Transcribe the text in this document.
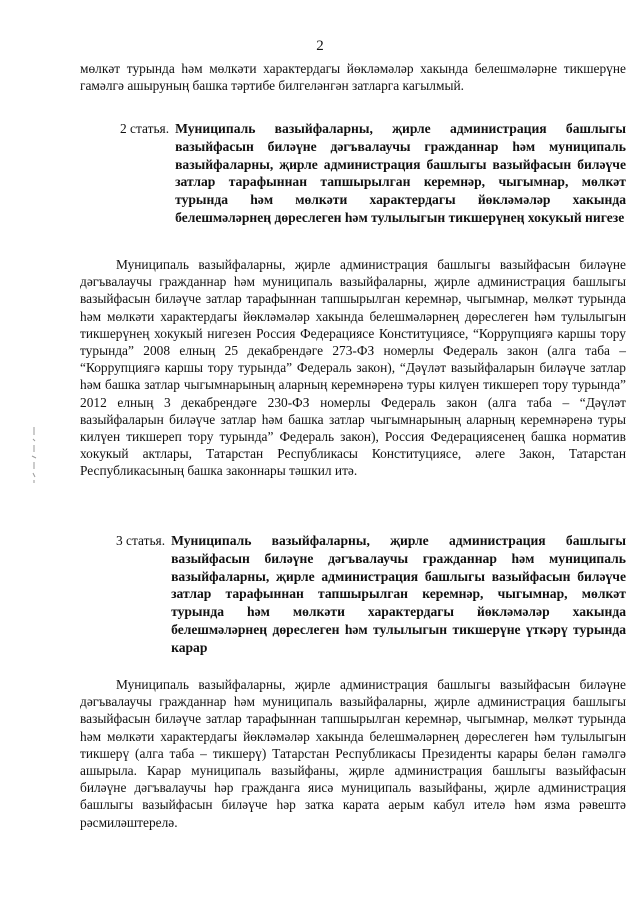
2

мөлкәт турында һәм мөлкәти характердагы йөкләмәләр хакында белешмәләрне тикшерүне гамәлгә ашыруның башка тәртибе билгеләнгән затларга кагылмый.

2 статья. Муниципаль вазыйфаларны, җирле администрация башлыгы вазыйфасын биләүне дәгъвалаучы гражданнар һәм муниципаль вазыйфаларны, җирле администрация башлыгы вазыйфасын биләүче затлар тарафыннан тапшырылган керемнәр, чыгымнар, мөлкәт турында һәм мөлкәти характердагы йөкләмәләр хакында белешмәләрнең дөреслеген һәм тулылыгын тикшерүнең хокукый нигезе

Муниципаль вазыйфаларны, җирле администрация башлыгы вазыйфасын биләүне дәгъвалаучы гражданнар һәм муниципаль вазыйфаларны, җирле администрация башлыгы вазыйфасын биләүче затлар тарафыннан тапшырылган керемнәр, чыгымнар, мөлкәт турында һәм мөлкәти характердагы йөкләмәләр хакында белешмәләрнең дөреслеген һәм тулылыгын тикшерүнең хокукый нигезен Россия Федерациясе Конституциясе, “Коррупциягә каршы тору турында” 2008 елның 25 декабрендәге 273-ФЗ номерлы Федераль закон (алга таба – “Коррупциягә каршы тору турында” Федераль закон), “Дәүләт вазыйфаларын биләүче затлар һәм башка затлар чыгымнарының аларның керемнәренә туры килүен тикшереп тору турында” 2012 елның 3 декабрендәге 230-ФЗ номерлы Федераль закон (алга таба – “Дәүләт вазыйфаларын биләүче затлар һәм башка затлар чыгымнарының аларның керемнәренә туры килүен тикшереп тору турында” Федераль закон), Россия Федерациясенең башка норматив хокукый актлары, Татарстан Республикасы Конституциясе, әлеге Закон, Татарстан Республикасының башка законнары тәшкил итә.

3 статья. Муниципаль вазыйфаларны, җирле администрация башлыгы вазыйфасын биләүне дәгъвалаучы гражданнар һәм муниципаль вазыйфаларны, җирле администрация башлыгы вазыйфасын биләүче затлар тарафыннан тапшырылган керемнәр, чыгымнар, мөлкәт турында һәм мөлкәти характердагы йөкләмәләр хакында белешмәләрнең дөреслеген һәм тулылыгын тикшерүне үткәрү турында карар

Муниципаль вазыйфаларны, җирле администрация башлыгы вазыйфасын биләүне дәгъвалаучы гражданнар һәм муниципаль вазыйфаларны, җирле администрация башлыгы вазыйфасын биләүче затлар тарафыннан тапшырылган керемнәр, чыгымнар, мөлкәт турында һәм мөлкәти характердагы йөкләмәләр хакында белешмәләрнең дөреслеген һәм тулылыгын тикшерү (алга таба – тикшерү) Татарстан Республикасы Президенты карары белән гамәлгә ашырыла. Карар муниципаль вазыйфаны, җирле администрация башлыгы вазыйфасын биләүне дәгъвалаучы һәр гражданга яисә муниципаль вазыйфаны, җирле администрация башлыгы вазыйфасын биләүче һәр затка карата аерым кабул ителә һәм язма рәвештә рәсмиләштерелә.
